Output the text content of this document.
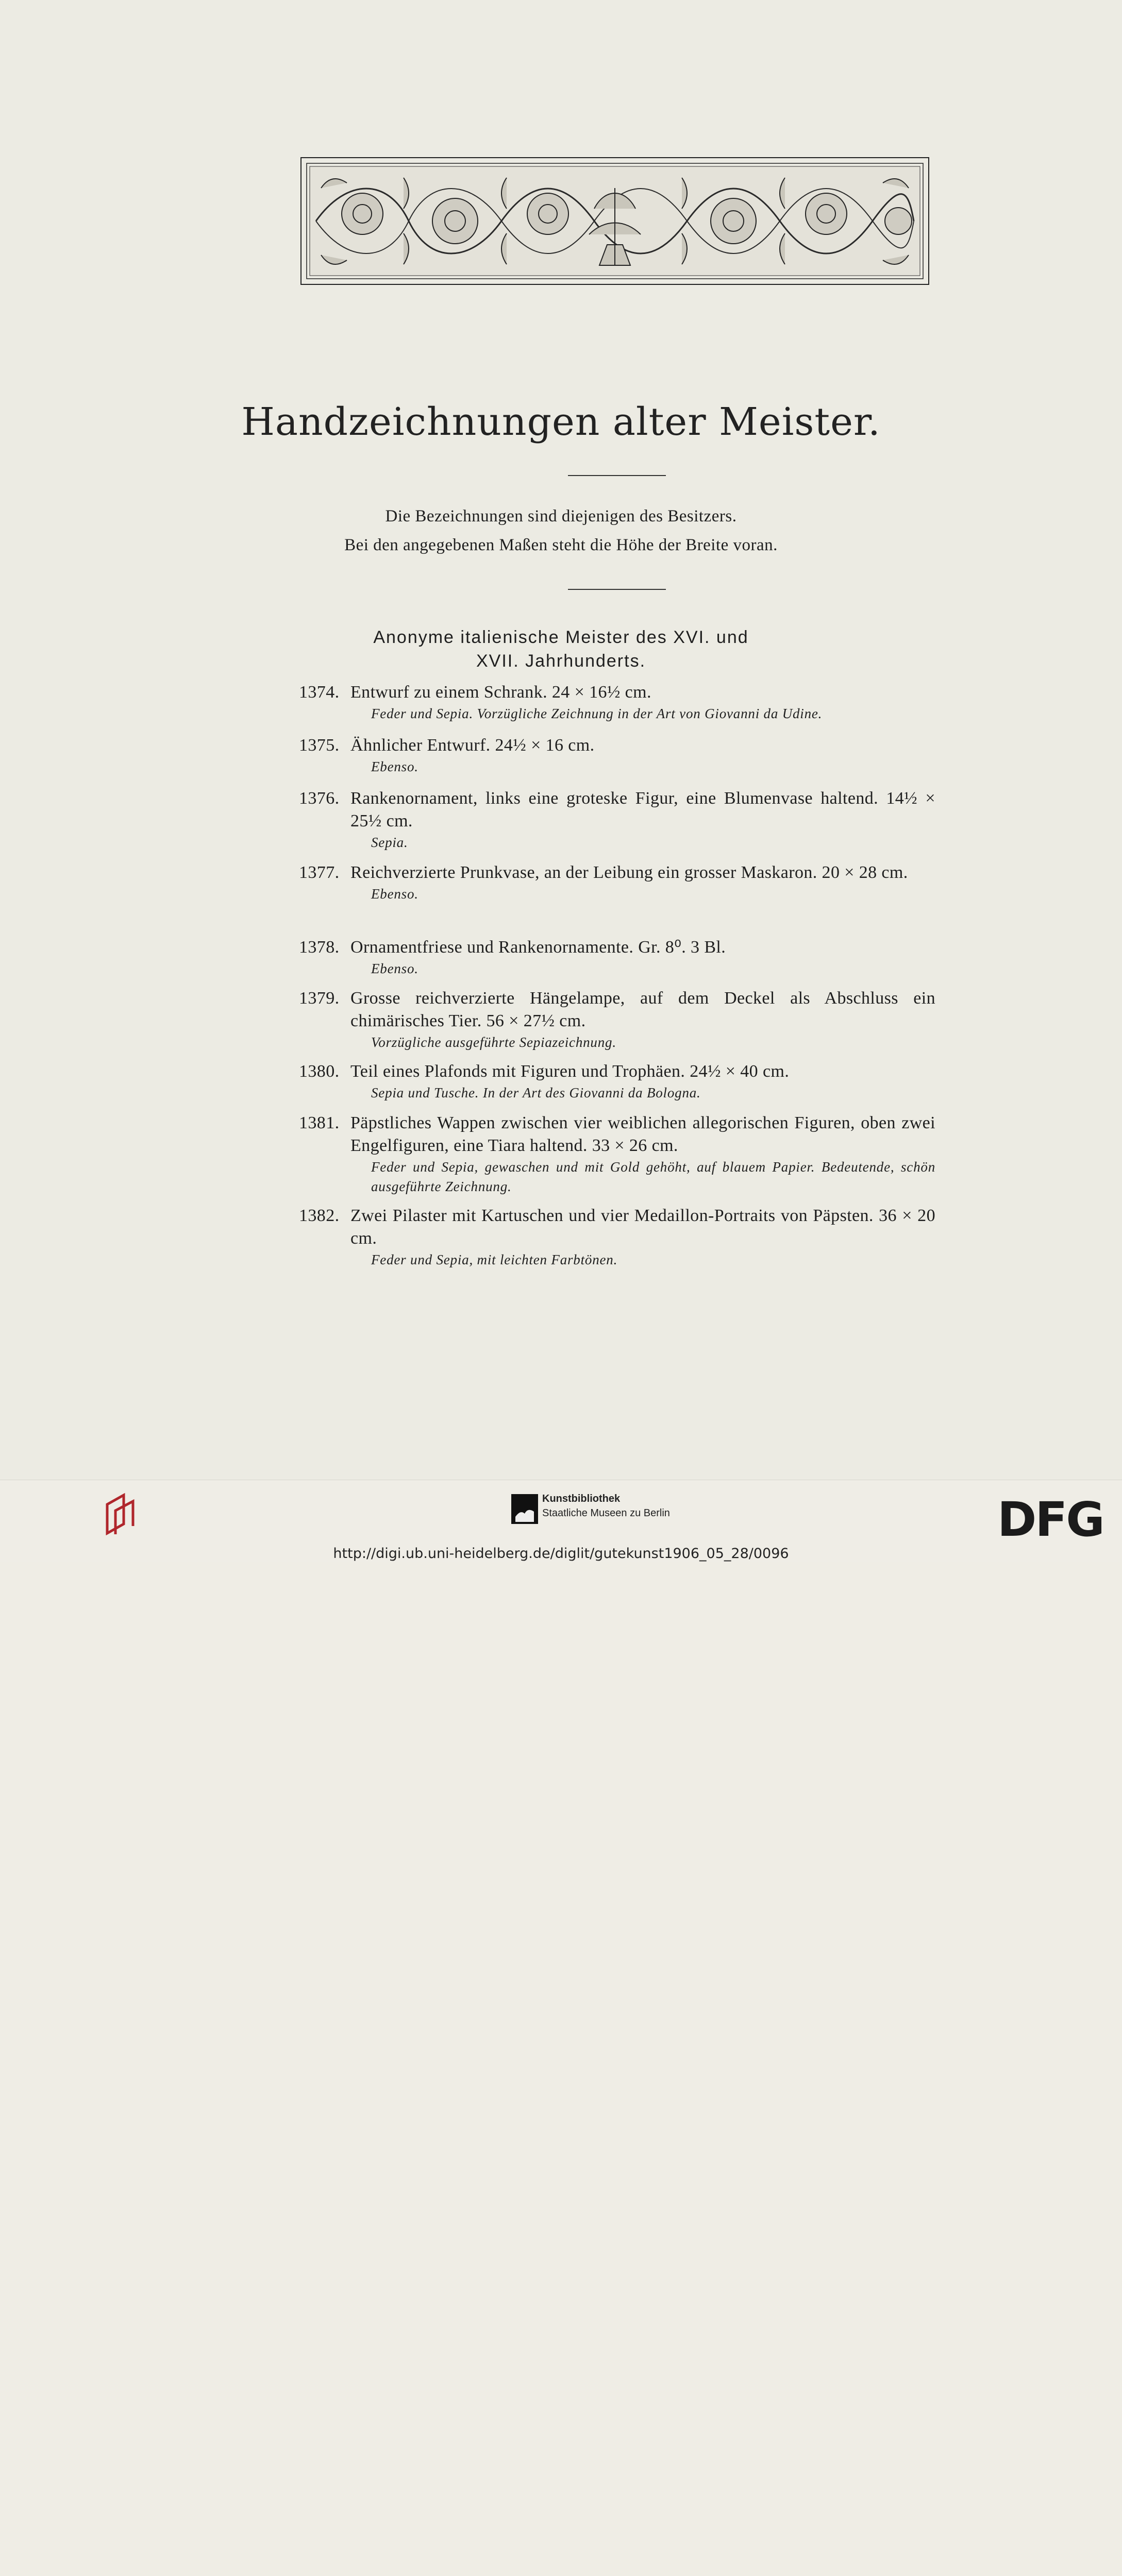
Handzeichnungen alter Meister.
Die Bezeichnungen sind diejenigen des Besitzers.
Bei den angegebenen Maßen steht die Höhe der Breite voran.
Anonyme italienische Meister des XVI. und
XVII. Jahrhunderts.
1374. Entwurf zu einem Schrank. 24 × 16½ cm.
Feder und Sepia. Vorzügliche Zeichnung in der Art von Giovanni da Udine.
1375. Ähnlicher Entwurf. 24½ × 16 cm.
Ebenso.
1376. Rankenornament, links eine groteske Figur, eine Blumenvase haltend. 14½ × 25½ cm.
Sepia.
1377. Reichverzierte Prunkvase, an der Leibung ein grosser Maskaron. 20 × 28 cm.
Ebenso.
1378. Ornamentfriese und Rankenornamente. Gr. 8⁰. 3 Bl.
Ebenso.
1379. Grosse reichverzierte Hängelampe, auf dem Deckel als Abschluss ein chimärisches Tier. 56 × 27½ cm.
Vorzügliche ausgeführte Sepiazeichnung.
1380. Teil eines Plafonds mit Figuren und Trophäen. 24½ × 40 cm.
Sepia und Tusche. In der Art des Giovanni da Bologna.
1381. Päpstliches Wappen zwischen vier weiblichen allegorischen Figuren, oben zwei Engelfiguren, eine Tiara haltend. 33 × 26 cm.
Feder und Sepia, gewaschen und mit Gold gehöht, auf blauem Papier. Bedeutende, schön ausgeführte Zeichnung.
1382. Zwei Pilaster mit Kartuschen und vier Medaillon-Portraits von Päpsten. 36 × 20 cm.
Feder und Sepia, mit leichten Farbtönen.
Kunstbibliothek
Staatliche Museen zu Berlin	DFG
http://digi.ub.uni-heidelberg.de/diglit/gutekunst1906_05_28/0096
